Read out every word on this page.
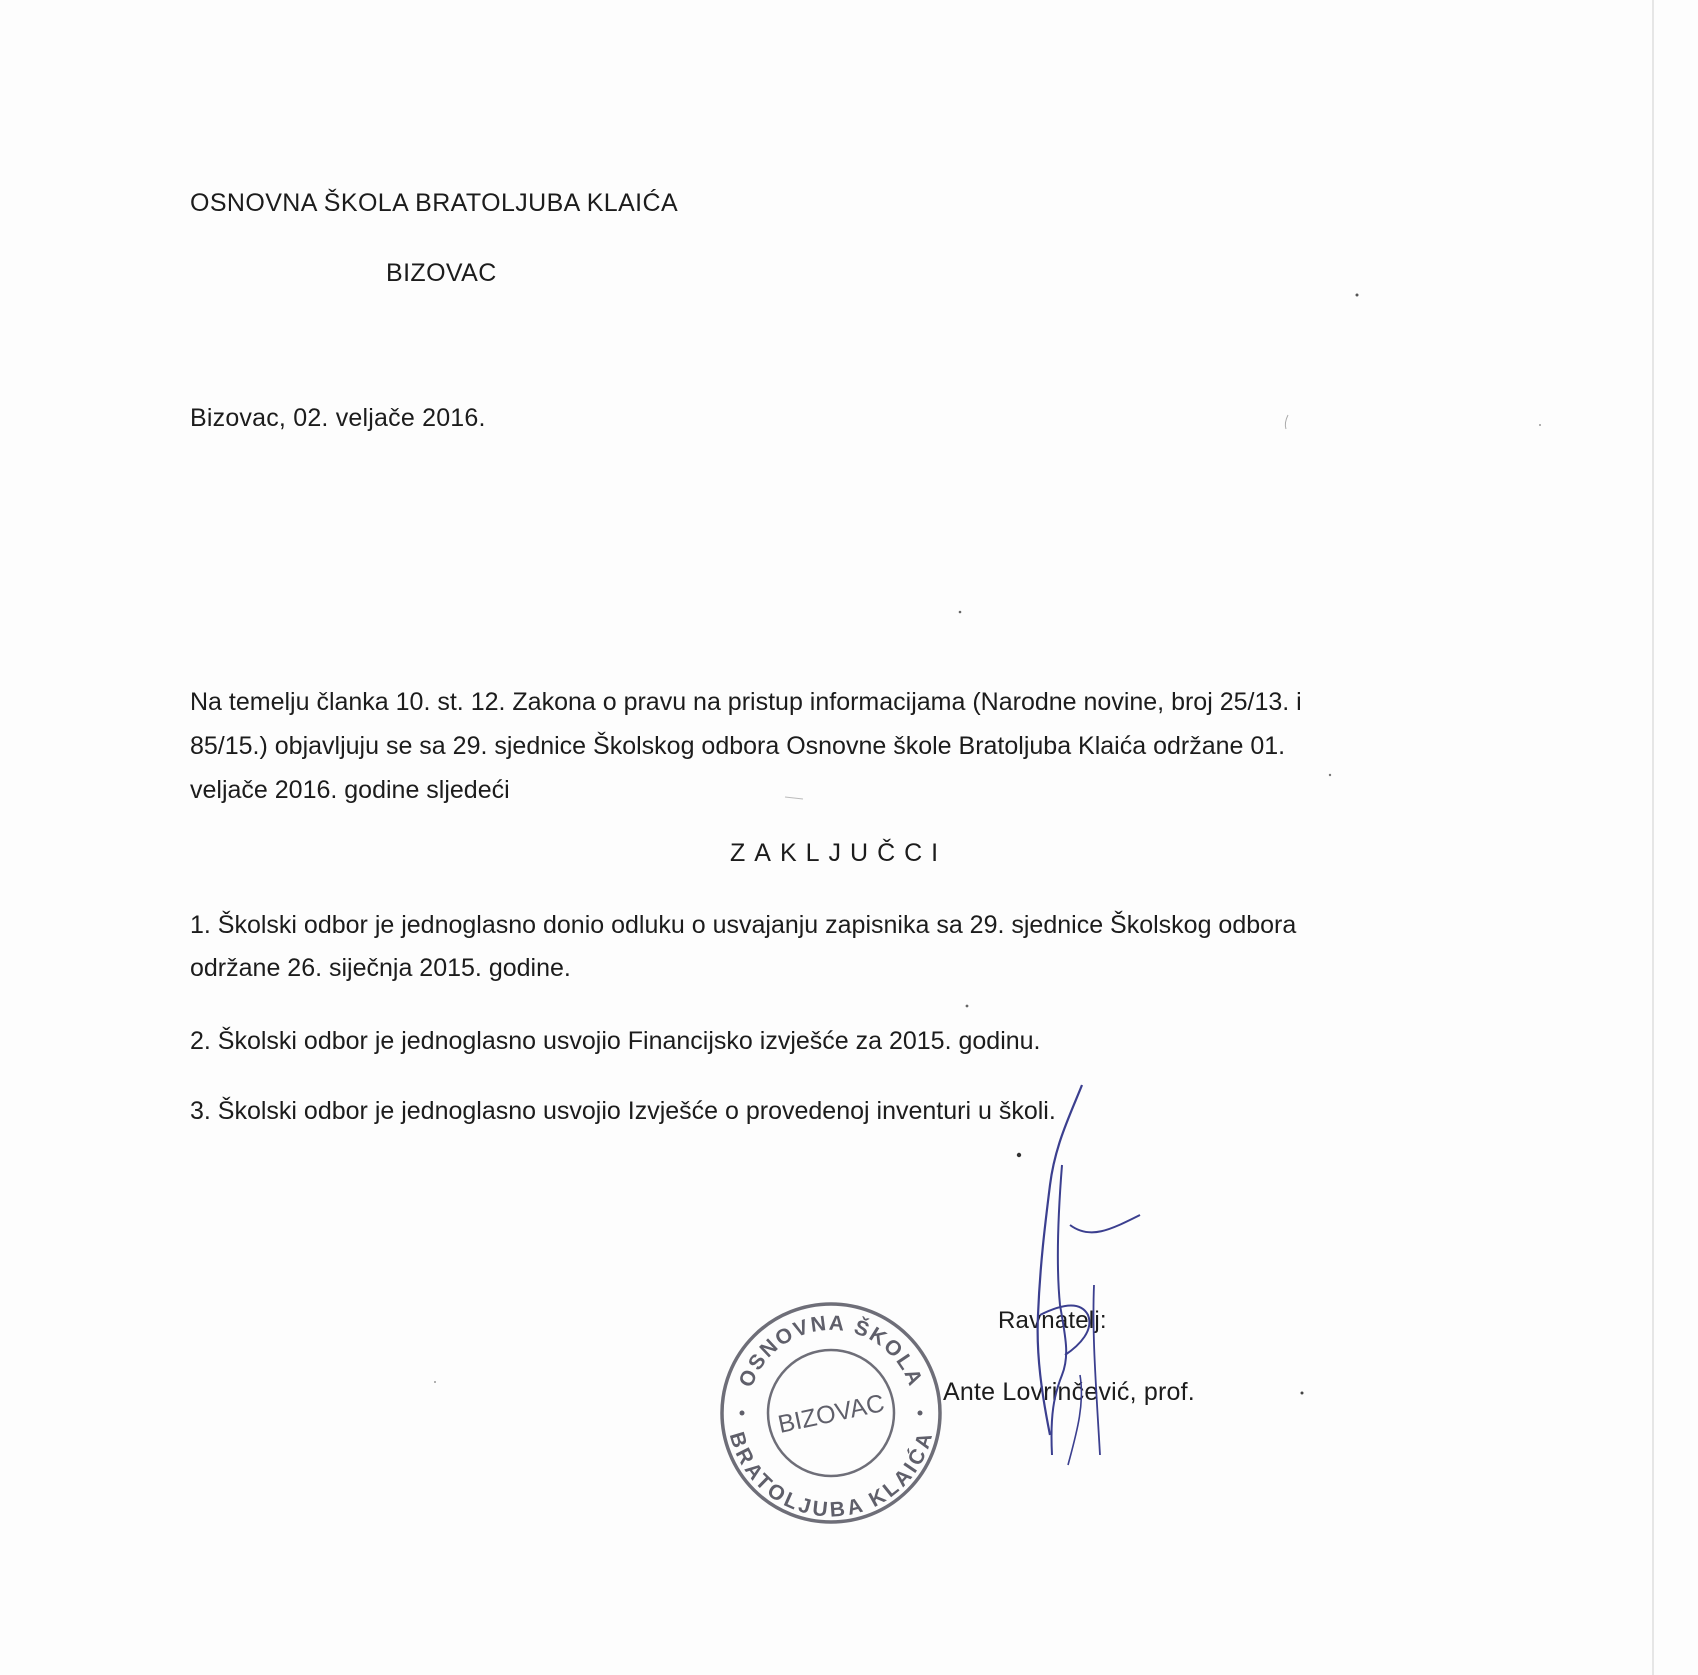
OSNOVNA ŠKOLA BRATOLJUBA KLAIĆA
BIZOVAC
Bizovac, 02. veljače 2016.
Na temelju članka 10. st. 12. Zakona o pravu na pristup informacijama (Narodne novine, broj 25/13. i
85/15.) objavljuju se sa 29. sjednice Školskog odbora Osnovne škole Bratoljuba Klaića održane 01.
veljače 2016. godine sljedeći
ZAKLJUČCI
1. Školski odbor je jednoglasno donio odluku o usvajanju zapisnika sa 29. sjednice Školskog odbora
održane 26. siječnja 2015. godine.
2. Školski odbor je jednoglasno usvojio Financijsko izvješće za 2015. godinu.
3. Školski odbor je jednoglasno usvojio Izvješće o provedenoj inventuri u školi.
Ravnatelj:
Ante Lovrinčević, prof.
OSNOVNA ŠKOLA
BRATOLJUBA KLAIĆA
BIZOVAC
